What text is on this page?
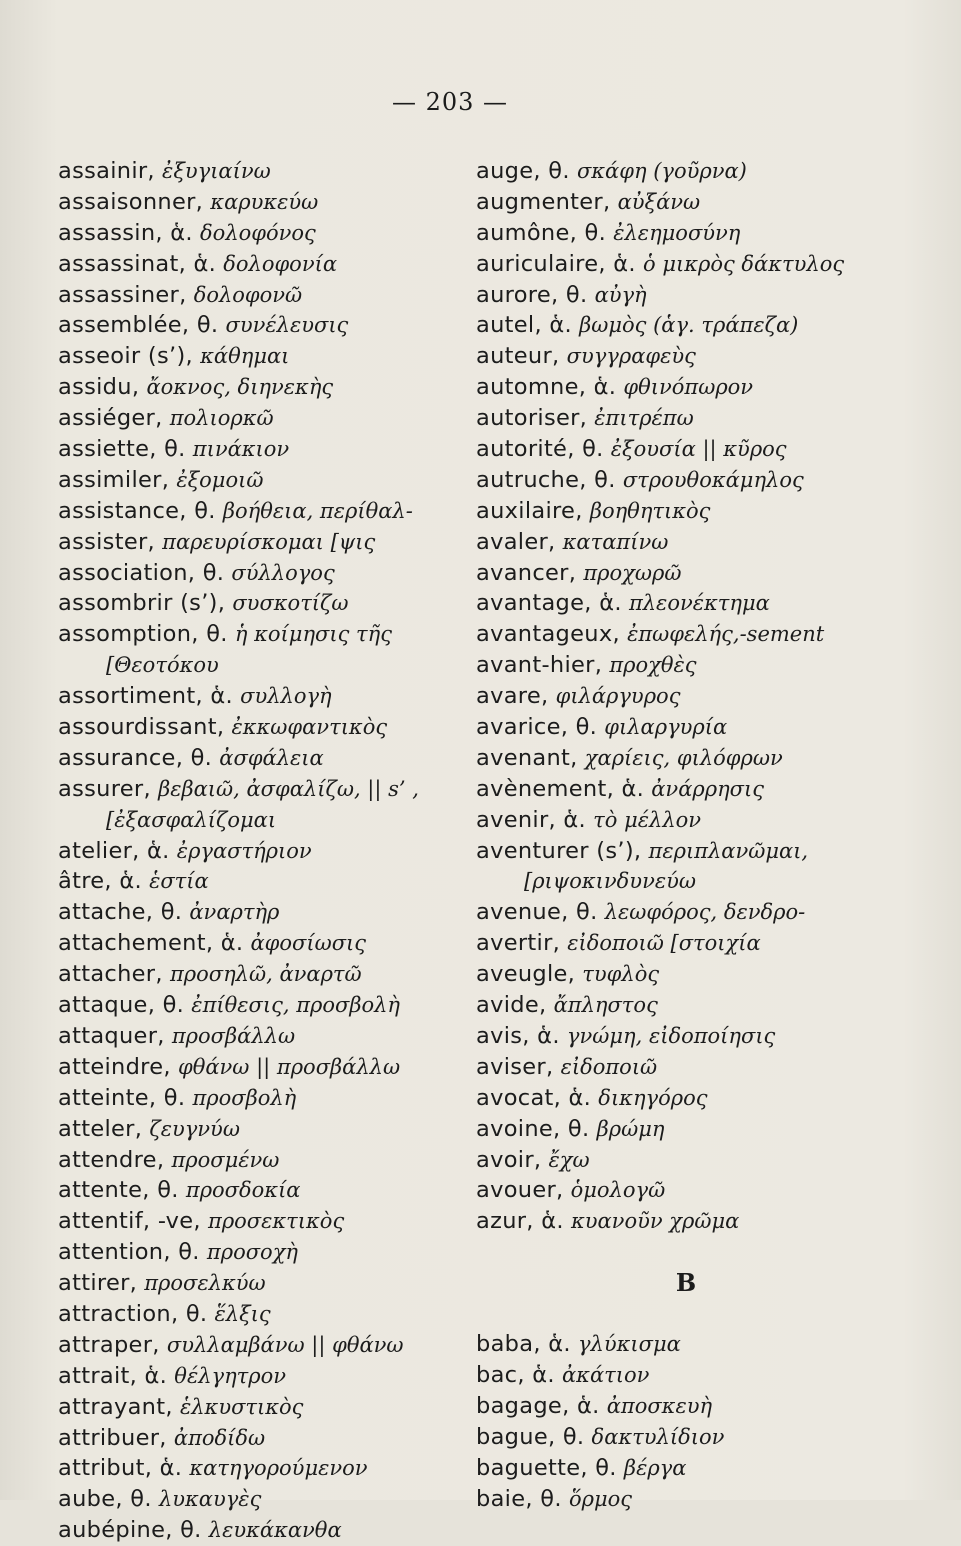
— 203 —
assainir, ἐξυγιαίνω
assaisonner, καρυκεύω
assassin, ἁ. δολοφόνος
assassinat, ἁ. δολοφονία
assassiner, δολοφονῶ
assemblée, θ. συνέλευσις
asseoir (s’), κάθημαι
assidu, ἄοκνος, διηνεκὴς
assiéger, πολιορκῶ
assiette, θ. πινάκιον
assimiler, ἐξομοιῶ
assistance, θ. βοήθεια, περίθαλ-
assister, παρευρίσκομαι [ψις
association, θ. σύλλογος
assombrir (s’), συσκοτίζω
assomption, θ. ἡ κοίμησις τῆς
[Θεοτόκου
assortiment, ἁ. συλλογὴ
assourdissant, ἐκκωφαντικὸς
assurance, θ. ἀσφάλεια
assurer, βεβαιῶ, ἀσφαλίζω, || s’ ,
[ἐξασφαλίζομαι
atelier, ἁ. ἐργαστήριον
âtre, ἁ. ἑστία
attache, θ. ἀναρτὴρ
attachement, ἁ. ἀφοσίωσις
attacher, προσηλῶ, ἀναρτῶ
attaque, θ. ἐπίθεσις, προσβολὴ
attaquer, προσβάλλω
atteindre, φθάνω || προσβάλλω
atteinte, θ. προσβολὴ
atteler, ζευγνύω
attendre, προσμένω
attente, θ. προσδοκία
attentif, -ve, προσεκτικὸς
attention, θ. προσοχὴ
attirer, προσελκύω
attraction, θ. ἕλξις
attraper, συλλαμβάνω || φθάνω
attrait, ἁ. θέλγητρον
attrayant, ἑλκυστικὸς
attribuer, ἀποδίδω
attribut, ἁ. κατηγορούμενον
aube, θ. λυκαυγὲς
aubépine, θ. λευκάκανθα
auge, θ. σκάφη (γοῦρνα)
augmenter, αὐξάνω
aumône, θ. ἐλεημοσύνη
auriculaire, ἁ. ὁ μικρὸς δάκτυλος
aurore, θ. αὐγὴ
autel, ἁ. βωμὸς (ἁγ. τράπεζα)
auteur, συγγραφεὺς
automne, ἁ. φθινόπωρον
autoriser, ἐπιτρέπω
autorité, θ. ἐξουσία || κῦρος
autruche, θ. στρουθοκάμηλος
auxilaire, βοηθητικὸς
avaler, καταπίνω
avancer, προχωρῶ
avantage, ἁ. πλεονέκτημα
avantageux, ἐπωφελής,-sement
avant-hier, προχθὲς
avare, φιλάργυρος
avarice, θ. φιλαργυρία
avenant, χαρίεις, φιλόφρων
avènement, ἁ. ἀνάρρησις
avenir, ἁ. τὸ μέλλον
aventurer (s’), περιπλανῶμαι,
[ριψοκινδυνεύω
avenue, θ. λεωφόρος, δενδρο-
avertir, εἰδοποιῶ [στοιχία
aveugle, τυφλὸς
avide, ἄπληστος
avis, ἁ. γνώμη, εἰδοποίησις
aviser, εἰδοποιῶ
avocat, ἁ. δικηγόρος
avoine, θ. βρώμη
avoir, ἔχω
avouer, ὁμολογῶ
azur, ἁ. κυανοῦν χρῶμα
B
baba, ἁ. γλύκισμα
bac, ἁ. ἀκάτιον
bagage, ἁ. ἀποσκευὴ
bague, θ. δακτυλίδιον
baguette, θ. βέργα
baie, θ. ὅρμος
